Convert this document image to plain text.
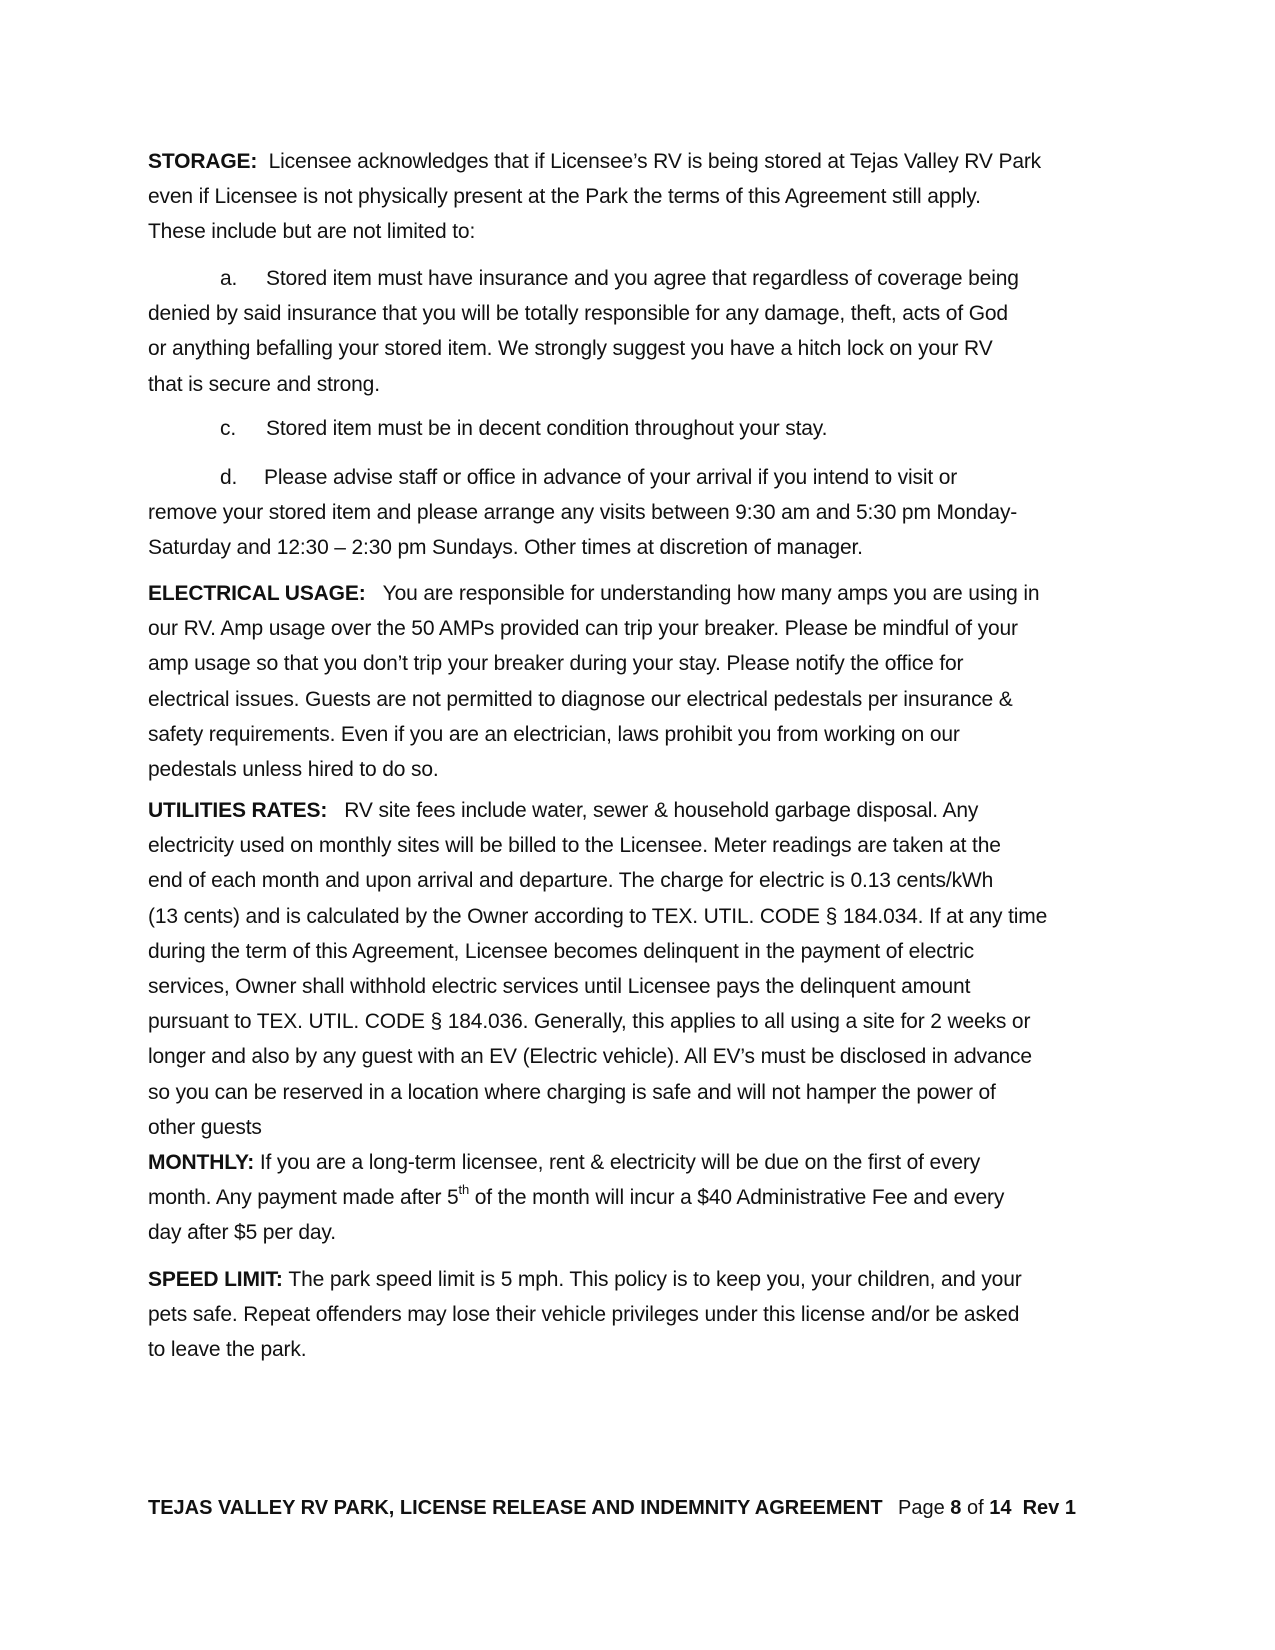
STORAGE: Licensee acknowledges that if Licensee’s RV is being stored at Tejas Valley RV Park
even if Licensee is not physically present at the Park the terms of this Agreement still apply.
These include but are not limited to:
a. Stored item must have insurance and you agree that regardless of coverage being
denied by said insurance that you will be totally responsible for any damage, theft, acts of God
or anything befalling your stored item. We strongly suggest you have a hitch lock on your RV
that is secure and strong.
c. Stored item must be in decent condition throughout your stay.
d. Please advise staff or office in advance of your arrival if you intend to visit or
remove your stored item and please arrange any visits between 9:30 am and 5:30 pm Monday-
Saturday and 12:30 – 2:30 pm Sundays. Other times at discretion of manager.
ELECTRICAL USAGE: You are responsible for understanding how many amps you are using in
our RV. Amp usage over the 50 AMPs provided can trip your breaker. Please be mindful of your
amp usage so that you don’t trip your breaker during your stay. Please notify the office for
electrical issues. Guests are not permitted to diagnose our electrical pedestals per insurance &
safety requirements. Even if you are an electrician, laws prohibit you from working on our
pedestals unless hired to do so.
UTILITIES RATES: RV site fees include water, sewer & household garbage disposal. Any
electricity used on monthly sites will be billed to the Licensee. Meter readings are taken at the
end of each month and upon arrival and departure. The charge for electric is 0.13 cents/kWh
(13 cents) and is calculated by the Owner according to TEX. UTIL. CODE § 184.034. If at any time
during the term of this Agreement, Licensee becomes delinquent in the payment of electric
services, Owner shall withhold electric services until Licensee pays the delinquent amount
pursuant to TEX. UTIL. CODE § 184.036. Generally, this applies to all using a site for 2 weeks or
longer and also by any guest with an EV (Electric vehicle). All EV’s must be disclosed in advance
so you can be reserved in a location where charging is safe and will not hamper the power of
other guests
MONTHLY: If you are a long-term licensee, rent & electricity will be due on the first of every
month. Any payment made after 5th of the month will incur a $40 Administrative Fee and every
day after $5 per day.
SPEED LIMIT: The park speed limit is 5 mph. This policy is to keep you, your children, and your
pets safe. Repeat offenders may lose their vehicle privileges under this license and/or be asked
to leave the park.
TEJAS VALLEY RV PARK, LICENSE RELEASE AND INDEMNITY AGREEMENT Page 8 of 14 Rev 1
